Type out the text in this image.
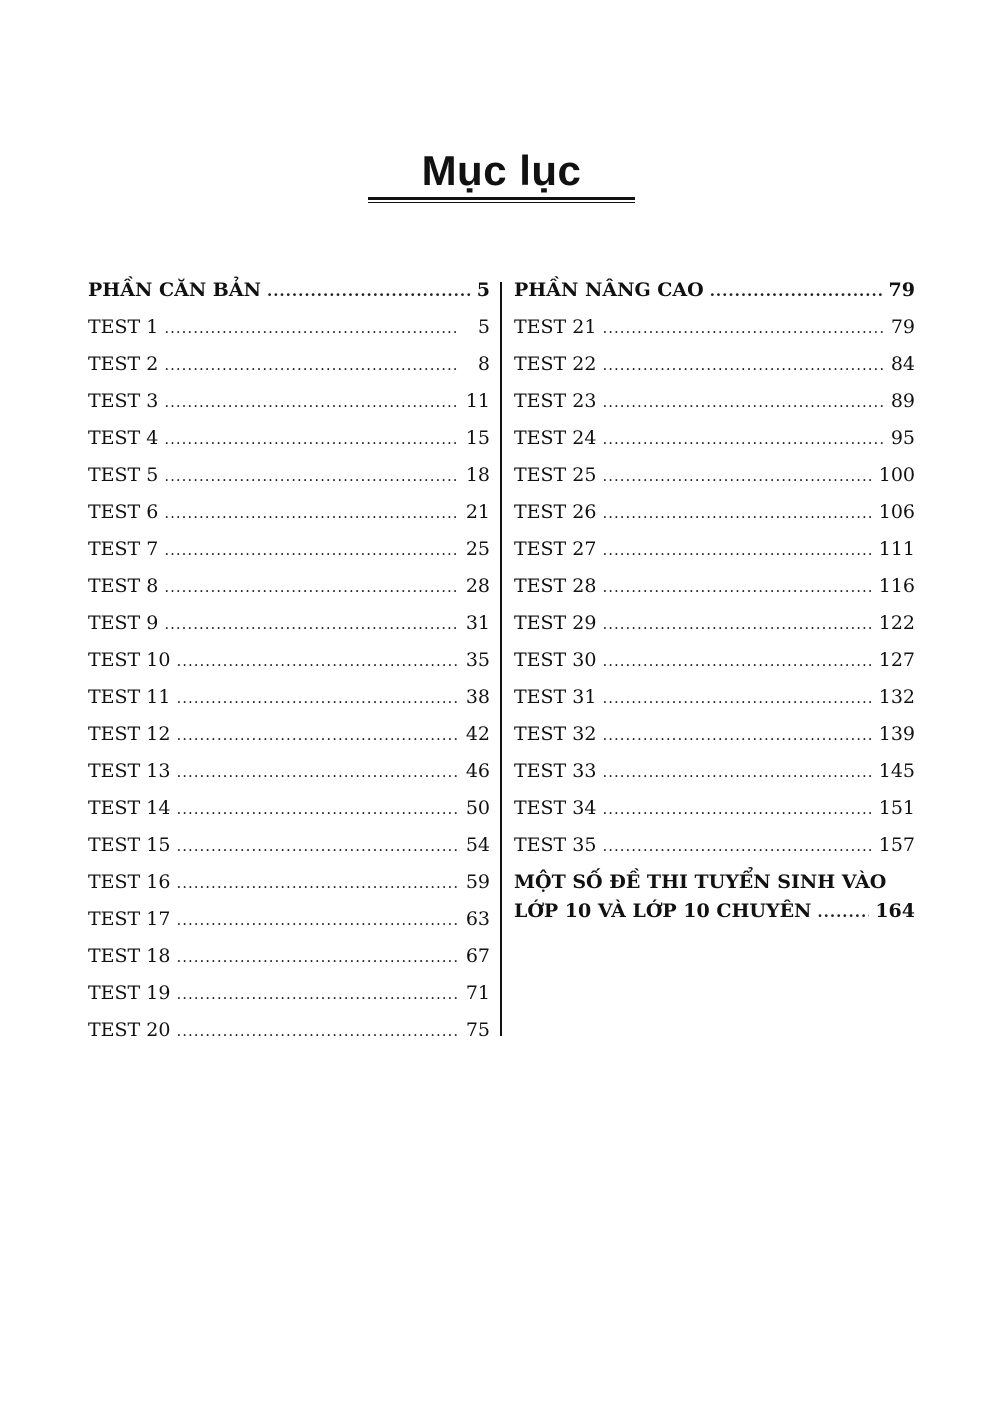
Mục lục
PHẦN CĂN BẢN .....	5
TEST 1 .....	5
TEST 2 .....	8
TEST 3 .....	11
TEST 4 .....	15
TEST 5 .....	18
TEST 6 .....	21
TEST 7 .....	25
TEST 8 .....	28
TEST 9 .....	31
TEST 10 .....	35
TEST 11 .....	38
TEST 12 .....	42
TEST 13 .....	46
TEST 14 .....	50
TEST 15 .....	54
TEST 16 .....	59
TEST 17 .....	63
TEST 18 .....	67
TEST 19 .....	71
TEST 20 .....	75
PHẦN NÂNG CAO .....	79
TEST 21 .....	79
TEST 22 .....	84
TEST 23 .....	89
TEST 24 .....	95
TEST 25 .....	100
TEST 26 .....	106
TEST 27 .....	111
TEST 28 .....	116
TEST 29 .....	122
TEST 30 .....	127
TEST 31 .....	132
TEST 32 .....	139
TEST 33 .....	145
TEST 34 .....	151
TEST 35 .....	157
MỘT SỐ ĐỀ THI TUYỂN SINH VÀO
LỚP 10 VÀ LỚP 10 CHUYÊN .....	164
